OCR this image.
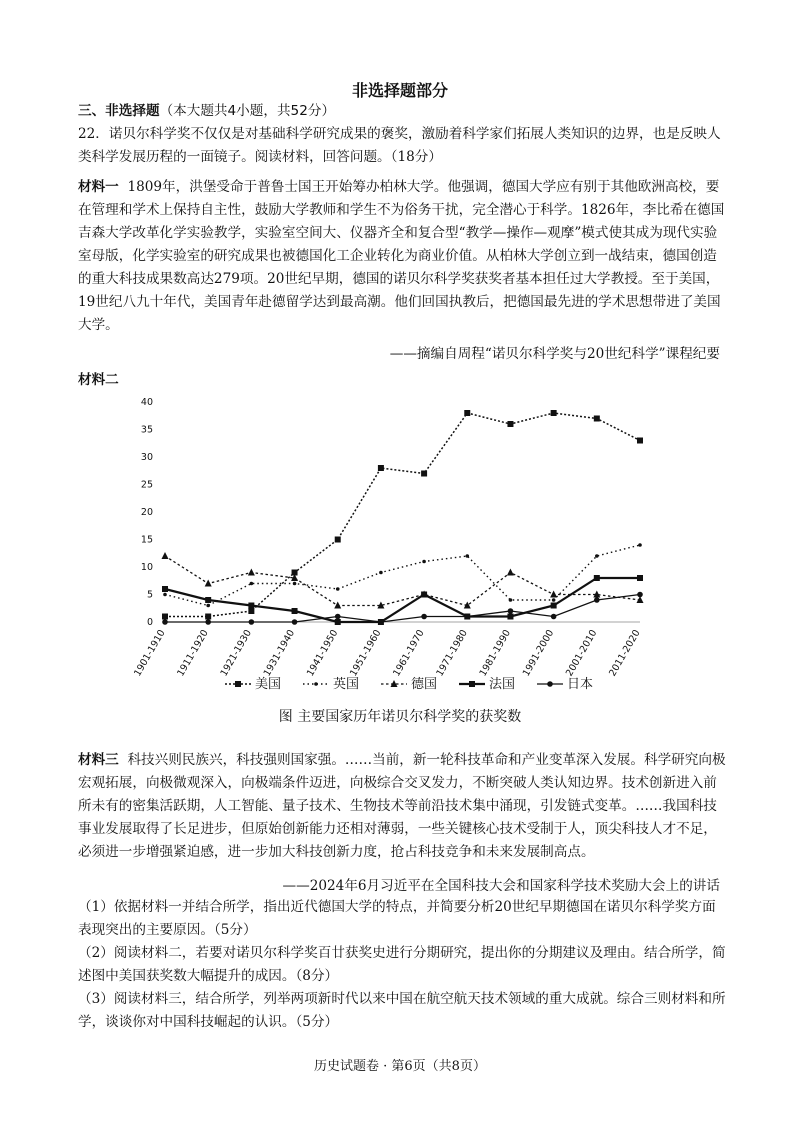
非选择题部分
三、非选择题（本大题共4小题，共52分）

22．诺贝尔科学奖不仅仅是对基础科学研究成果的褒奖，激励着科学家们拓展人类知识的边界，也是反映人类科学发展历程的一面镜子。阅读材料，回答问题。（18分）

材料一 1809年，洪堡受命于普鲁士国王开始筹办柏林大学。他强调，德国大学应有别于其他欧洲高校，要在管理和学术上保持自主性，鼓励大学教师和学生不为俗务干扰，完全潜心于科学。1826年，李比希在德国吉森大学改革化学实验教学，实验室空间大、仪器齐全和复合型“教学—操作—观摩”模式使其成为现代实验室母版，化学实验室的研究成果也被德国化工企业转化为商业价值。从柏林大学创立到一战结束，德国创造的重大科技成果数高达279项。20世纪早期，德国的诺贝尔科学奖获奖者基本担任过大学教授。至于美国，19世纪八九十年代，美国青年赴德留学达到最高潮。他们回国执教后，把德国最先进的学术思想带进了美国大学。

——摘编自周程“诺贝尔科学奖与20世纪科学”课程纪要
材料二
0
5
10
15
20
25
30
35
40
1901-1910 1911-1920 1921-1930 1931-1940 1941-1950 1951-1960 1961-1970 1971-1980 1981-1990 1991-2000 2001-2010 2011-2020
美国	英国	德国	法国	日本
图 主要国家历年诺贝尔科学奖的获奖数

材料三 科技兴则民族兴，科技强则国家强。……当前，新一轮科技革命和产业变革深入发展。科学研究向极宏观拓展，向极微观深入，向极端条件迈进，向极综合交叉发力，不断突破人类认知边界。技术创新进入前所未有的密集活跃期，人工智能、量子技术、生物技术等前沿技术集中涌现，引发链式变革。……我国科技事业发展取得了长足进步，但原始创新能力还相对薄弱，一些关键核心技术受制于人，顶尖科技人才不足，必须进一步增强紧迫感，进一步加大科技创新力度，抢占科技竞争和未来发展制高点。

——2024年6月习近平在全国科技大会和国家科学技术奖励大会上的讲话

（1）依据材料一并结合所学，指出近代德国大学的特点，并简要分析20世纪早期德国在诺贝尔科学奖方面表现突出的主要原因。（5分）

（2）阅读材料二，若要对诺贝尔科学奖百廿获奖史进行分期研究，提出你的分期建议及理由。结合所学，简述图中美国获奖数大幅提升的成因。（8分）

（3）阅读材料三，结合所学，列举两项新时代以来中国在航空航天技术领域的重大成就。综合三则材料和所学，谈谈你对中国科技崛起的认识。（5分）

历史试题卷 · 第6页（共8页）
